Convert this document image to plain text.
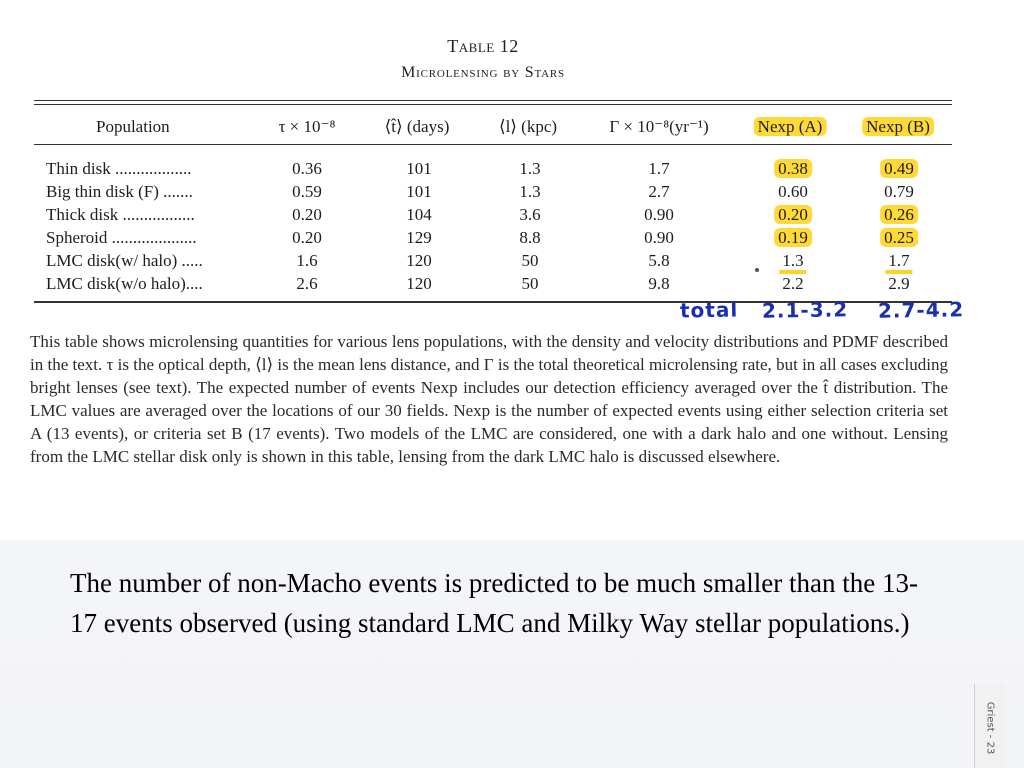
Table 12
Microlensing by Stars
Population	τ × 10⁻⁸	⟨t̂⟩ (days)	⟨l⟩ (kpc)	Γ × 10⁻⁸(yr⁻¹)	Nexp (A)	Nexp (B)
Thin disk ..................	0.36	101	1.3	1.7	0.38	0.49
Big thin disk (F) .......	0.59	101	1.3	2.7	0.60	0.79
Thick disk .................	0.20	104	3.6	0.90	0.20	0.26
Spheroid ....................	0.20	129	8.8	0.90	0.19	0.25
LMC disk(w/ halo) .....	1.6	120	50	5.8	1.3	1.7
LMC disk(w/o halo)....	2.6	120	50	9.8	2.2	2.9
total 2.1-3.2 2.7-4.2

This table shows microlensing quantities for various lens populations, with the density and velocity distributions and PDMF described in the text. τ is the optical depth, ⟨l⟩ is the mean lens distance, and Γ is the total theoretical microlensing rate, but in all cases excluding bright lenses (see text). The expected number of events Nexp includes our detection efficiency averaged over the t̂ distribution. The LMC values are averaged over the locations of our 30 fields. Nexp is the number of expected events using either selection criteria set A (13 events), or criteria set B (17 events). Two models of the LMC are considered, one with a dark halo and one without. Lensing from the LMC stellar disk only is shown in this table, lensing from the dark LMC halo is discussed elsewhere.

The number of non-Macho events is predicted to be much smaller than the 13-17 events observed (using standard LMC and Milky Way stellar populations.)
Griest - 23
